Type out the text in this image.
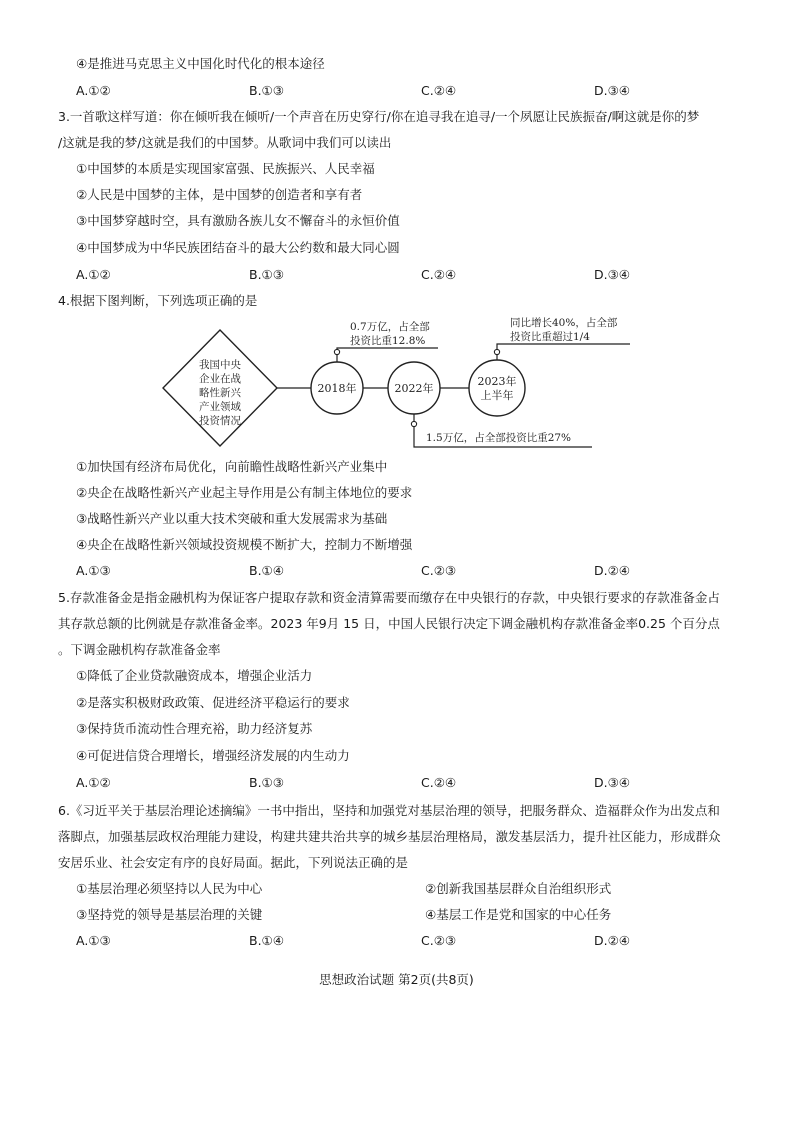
④是推进马克思主义中国化时代化的根本途径
A.①②	B.①③	C.②④	D.③④
3.一首歌这样写道：你在倾听我在倾听/一个声音在历史穿行/你在追寻我在追寻/一个夙愿让民族振奋/啊这就是你的梦
/这就是我的梦/这就是我们的中国梦。从歌词中我们可以读出
①中国梦的本质是实现国家富强、民族振兴、人民幸福
②人民是中国梦的主体，是中国梦的创造者和享有者
③中国梦穿越时空，具有激励各族儿女不懈奋斗的永恒价值
④中国梦成为中华民族团结奋斗的最大公约数和最大同心圆
A.①②	B.①③	C.②④	D.③④
4.根据下图判断，下列选项正确的是
我国中央
企业在战
略性新兴
产业领域
投资情况
2018年
0.7万亿，占全部
投资比重12.8%
2022年
1.5万亿，占全部投资比重27%
2023年
上半年
同比增长40%，占全部
投资比重超过1/4
①加快国有经济布局优化，向前瞻性战略性新兴产业集中
②央企在战略性新兴产业起主导作用是公有制主体地位的要求
③战略性新兴产业以重大技术突破和重大发展需求为基础
④央企在战略性新兴领域投资规模不断扩大，控制力不断增强
A.①③	B.①④	C.②③	D.②④
5.存款准备金是指金融机构为保证客户提取存款和资金清算需要而缴存在中央银行的存款，中央银行要求的存款准备金占
其存款总额的比例就是存款准备金率。2023 年9月 15 日，中国人民银行决定下调金融机构存款准备金率0.25 个百分点
。下调金融机构存款准备金率
①降低了企业贷款融资成本，增强企业活力
②是落实积极财政政策、促进经济平稳运行的要求
③保持货币流动性合理充裕，助力经济复苏
④可促进信贷合理增长，增强经济发展的内生动力
A.①②	B.①③	C.②④	D.③④
6.《习近平关于基层治理论述摘编》一书中指出，坚持和加强党对基层治理的领导，把服务群众、造福群众作为出发点和
落脚点，加强基层政权治理能力建设，构建共建共治共享的城乡基层治理格局，激发基层活力，提升社区能力，形成群众
安居乐业、社会安定有序的良好局面。据此，下列说法正确的是
①基层治理必须坚持以人民为中心	②创新我国基层群众自治组织形式
③坚持党的领导是基层治理的关键	④基层工作是党和国家的中心任务
A.①③	B.①④	C.②③	D.②④
思想政治试题 第2页(共8页)
